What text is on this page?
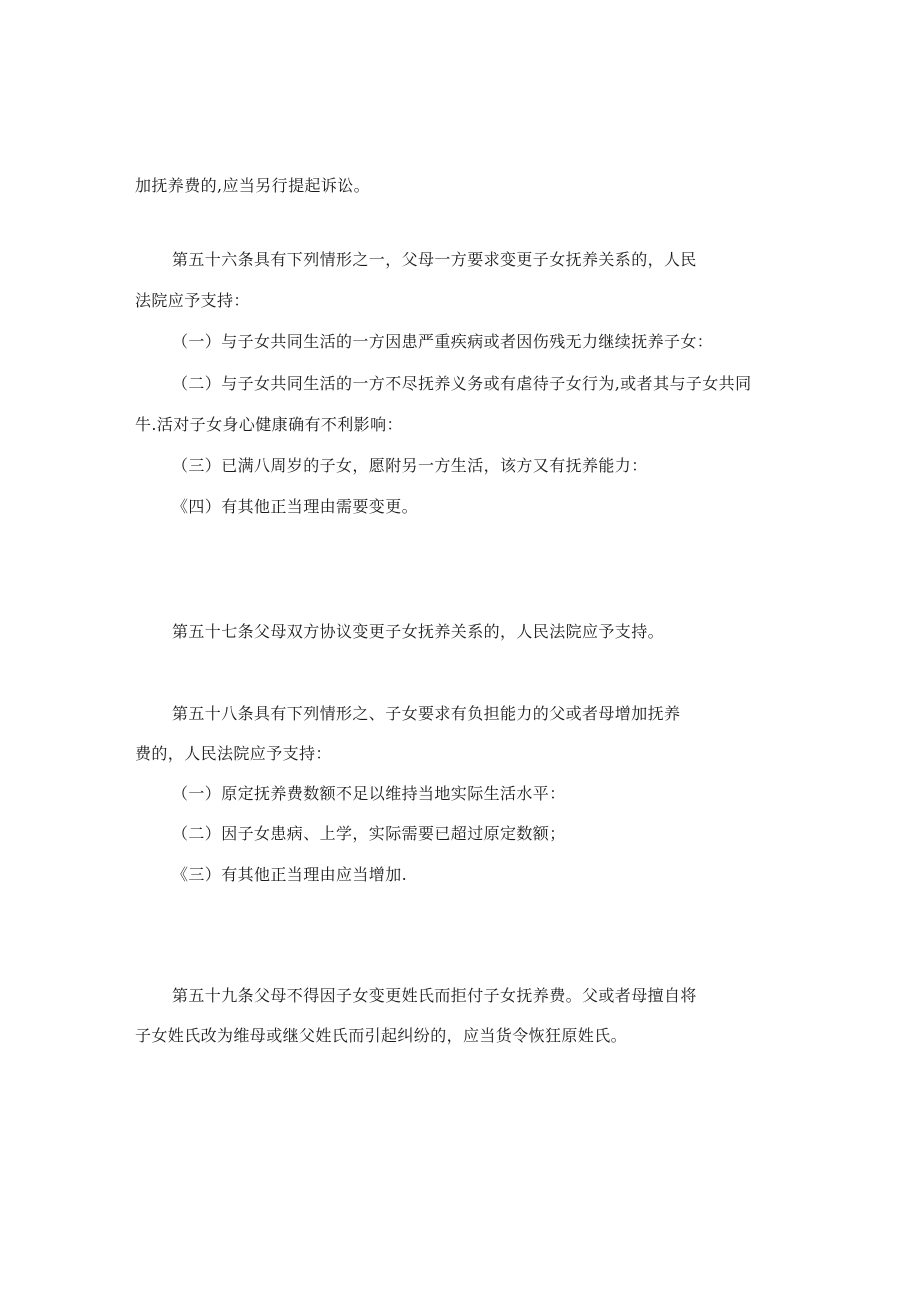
加抚养费的,应当另行提起诉讼。

第五十六条具有下列情形之一，父母一方要求变更子女抚养关系的，人民

法院应予支持：

（一）与子女共同生活的一方因患严重疾病或者因伤残无力继续抚养子女：

（二）与子女共同生活的一方不尽抚养义务或有虐待子女行为,或者其与子女共同

牛.活对子女身心健康确有不利影响：

（三）已满八周岁的子女，愿附另一方生活，该方又有抚养能力：

《四）有其他正当理由需要变更。

第五十七条父母双方协议变更子女抚养关系的，人民法院应予支持。

第五十八条具有下列情形之、子女要求有负担能力的父或者母增加抚养

费的，人民法院应予支持：

（一）原定抚养费数额不足以维持当地实际生活水平：

（二）因子女患病、上学，实际需要已超过原定数额；

《三）有其他正当理由应当增加.

第五十九条父母不得因子女变更姓氏而拒付子女抚养费。父或者母擅自将

子女姓氏改为维母或继父姓氏而引起纠纷的，应当货令恢狂原姓氏。
